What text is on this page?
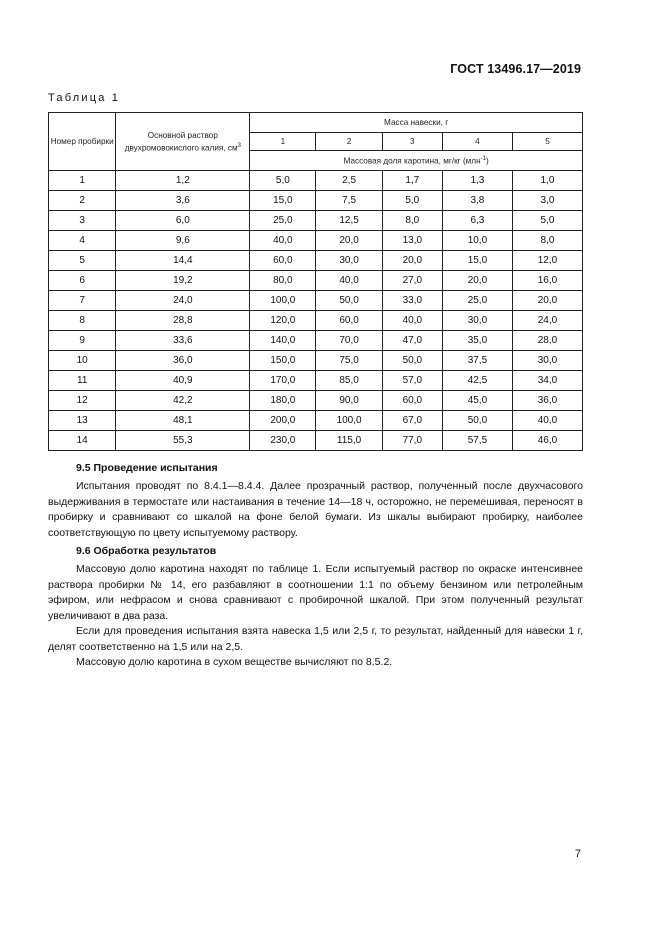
ГОСТ 13496.17—2019
Таблица 1
Номер пробирки	Основной раствор двухромовокислого калия, $см^3$	Массa навески, г				
		1	2	3	4	5
		Массовая доля каротина, мг/кг (млн$^{-1}$)				
1	1,2	5,0	2,5	1,7	1,3	1,0
2	3,6	15,0	7,5	5,0	3,8	3,0
3	6,0	25,0	12,5	8,0	6,3	5,0
4	9,6	40,0	20,0	13,0	10,0	8,0
5	14,4	60,0	30,0	20,0	15,0	12,0
6	19,2	80,0	40,0	27,0	20,0	16,0
7	24,0	100,0	50,0	33,0	25,0	20,0
8	28,8	120,0	60,0	40,0	30,0	24,0
9	33,6	140,0	70,0	47,0	35,0	28,0
10	36,0	150,0	75,0	50,0	37,5	30,0
11	40,9	170,0	85,0	57,0	42,5	34,0
12	42,2	180,0	90,0	60,0	45,0	36,0
13	48,1	200,0	100,0	67,0	50,0	40,0
14	55,3	230,0	115,0	77,0	57,5	46,0
9.5 Проведение испытания

Испытания проводят по 8.4.1—8.4.4. Далее прозрачный раствор, полученный после двухчасового выдерживания в термостате или настаивания в течение 14—18 ч, осторожно, не перемешивая, переносят в пробирку и сравнивают со шкалой на фоне белой бумаги. Из шкалы выбирают пробирку, наиболее соответствующую по цвету испытуемому раствору.

9.6 Обработка результатов

Массовую долю каротина находят по таблице 1. Если испытуемый раствор по окраске интенсивнее раствора пробирки № 14, его разбавляют в соотношении 1:1 по объему бензином или петролейным эфиром, или нефрасом и снова сравнивают с пробирочной шкалой. При этом полученный результат увеличивают в два раза.

Если для проведения испытания взята навеска 1,5 или 2,5 г, то результат, найденный для навески 1 г, делят соответственно на 1,5 или на 2,5.

Массовую долю каротина в сухом веществе вычисляют по 8.5.2.

7
